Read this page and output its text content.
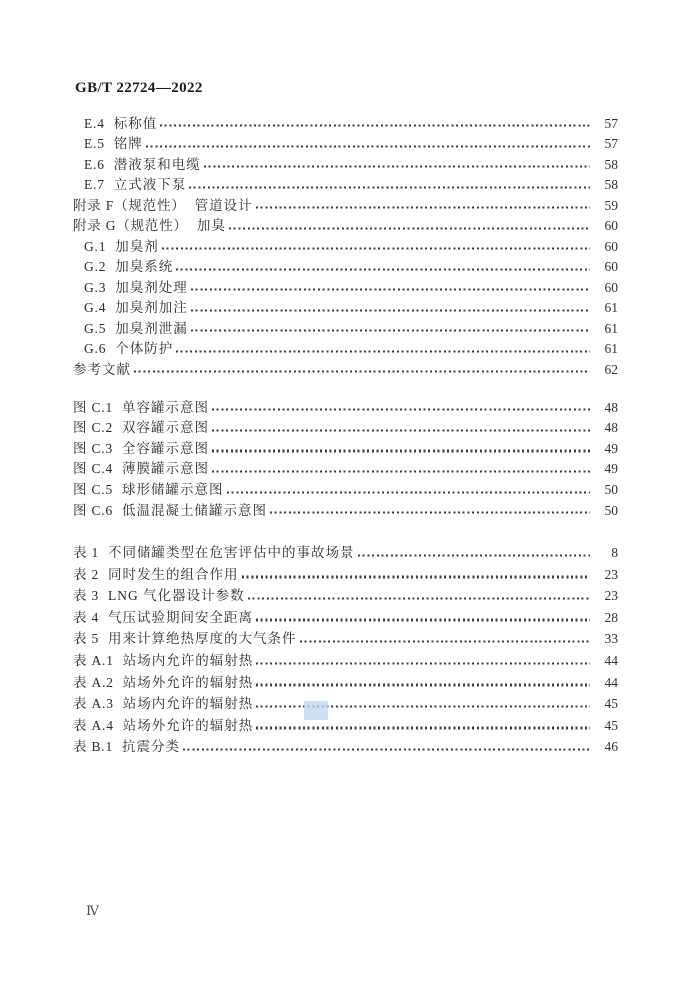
GB/T 22724—2022
E.4 标称值	57
E.5 铭牌	57
E.6 潜液泵和电缆	58
E.7 立式液下泵	58
附录 F（规范性） 管道设计	59
附录 G（规范性） 加臭	60
G.1 加臭剂	60
G.2 加臭系统	60
G.3 加臭剂处理	60
G.4 加臭剂加注	61
G.5 加臭剂泄漏	61
G.6 个体防护	61
参考文献	62
图 C.1 单容罐示意图	48
图 C.2 双容罐示意图	48
图 C.3 全容罐示意图	49
图 C.4 薄膜罐示意图	49
图 C.5 球形储罐示意图	50
图 C.6 低温混凝土储罐示意图	50
表 1 不同储罐类型在危害评估中的事故场景	8
表 2 同时发生的组合作用	23
表 3 LNG 气化器设计参数	23
表 4 气压试验期间安全距离	28
表 5 用来计算绝热厚度的大气条件	33
表 A.1 站场内允许的辐射热	44
表 A.2 站场外允许的辐射热	44
表 A.3 站场内允许的辐射热	45
表 A.4 站场外允许的辐射热	45
表 B.1 抗震分类	46
Ⅳ
